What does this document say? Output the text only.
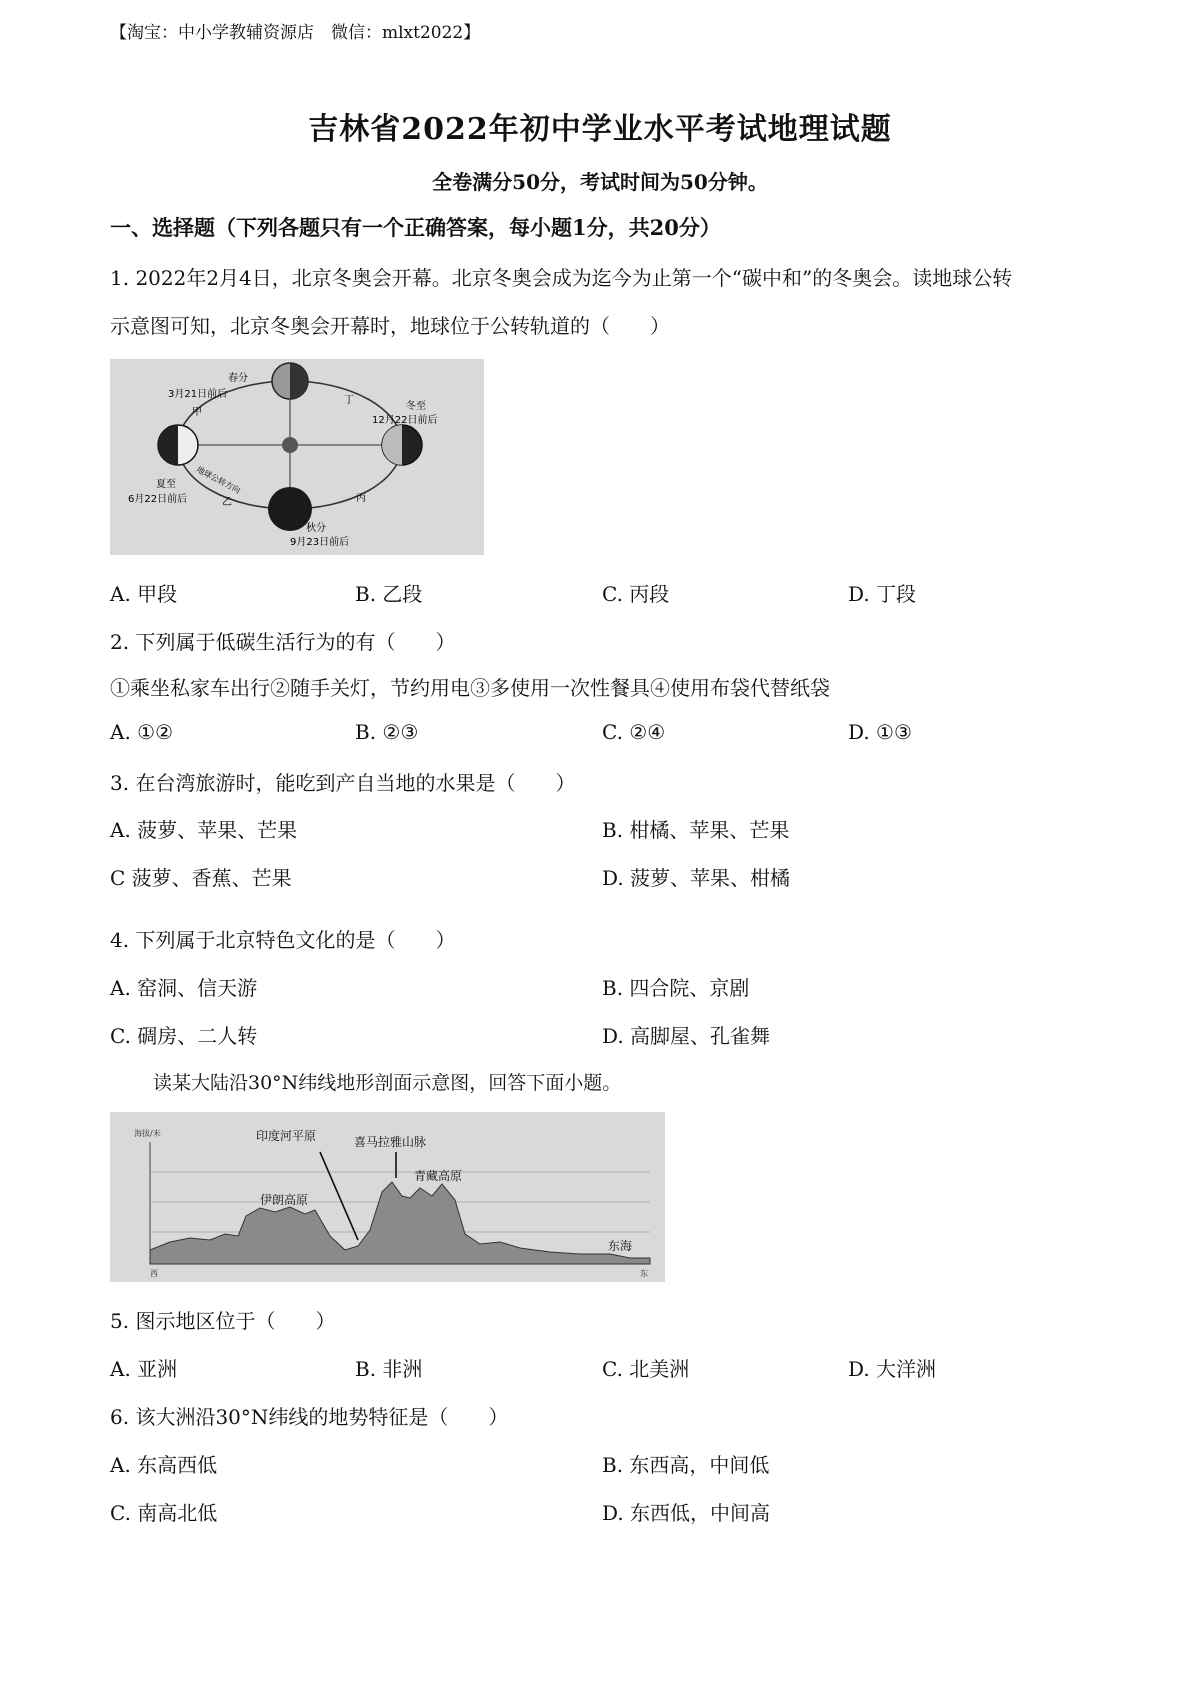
【淘宝：中小学教辅资源店　微信：mlxt2022】
吉林省2022年初中学业水平考试地理试题
全卷满分50分，考试时间为50分钟。
一、选择题（下列各题只有一个正确答案，每小题1分，共20分）
1. 2022年2月4日，北京冬奥会开幕。北京冬奥会成为迄今为止第一个“碳中和”的冬奥会。读地球公转
示意图可知，北京冬奥会开幕时，地球位于公转轨道的（　　）
春分
3月21日前后
冬至
12月22日前后
夏至
6月22日前后
秋分
9月23日前后
甲
乙	丙
丁
地球公转方向
A. 甲段	B. 乙段	C. 丙段	D. 丁段
2. 下列属于低碳生活行为的有（　　）
①乘坐私家车出行②随手关灯，节约用电③多使用一次性餐具④使用布袋代替纸袋
A. ①②	B. ②③	C. ②④	D. ①③
3. 在台湾旅游时，能吃到产自当地的水果是（　　）
A. 菠萝、苹果、芒果	B. 柑橘、苹果、芒果
C 菠萝、香蕉、芒果	D. 菠萝、苹果、柑橘
4. 下列属于北京特色文化的是（　　）
A. 窑洞、信天游	B. 四合院、京剧
C. 碉房、二人转	D. 高脚屋、孔雀舞
读某大陆沿30°N纬线地形剖面示意图，回答下面小题。
印度河平原	喜马拉雅山脉
青藏高原
伊朗高原
东海
海拔/米
西	东
5. 图示地区位于（　　）
A. 亚洲	B. 非洲	C. 北美洲	D. 大洋洲
6. 该大洲沿30°N纬线的地势特征是（　　）
A. 东高西低	B. 东西高，中间低
C. 南高北低	D. 东西低，中间高
